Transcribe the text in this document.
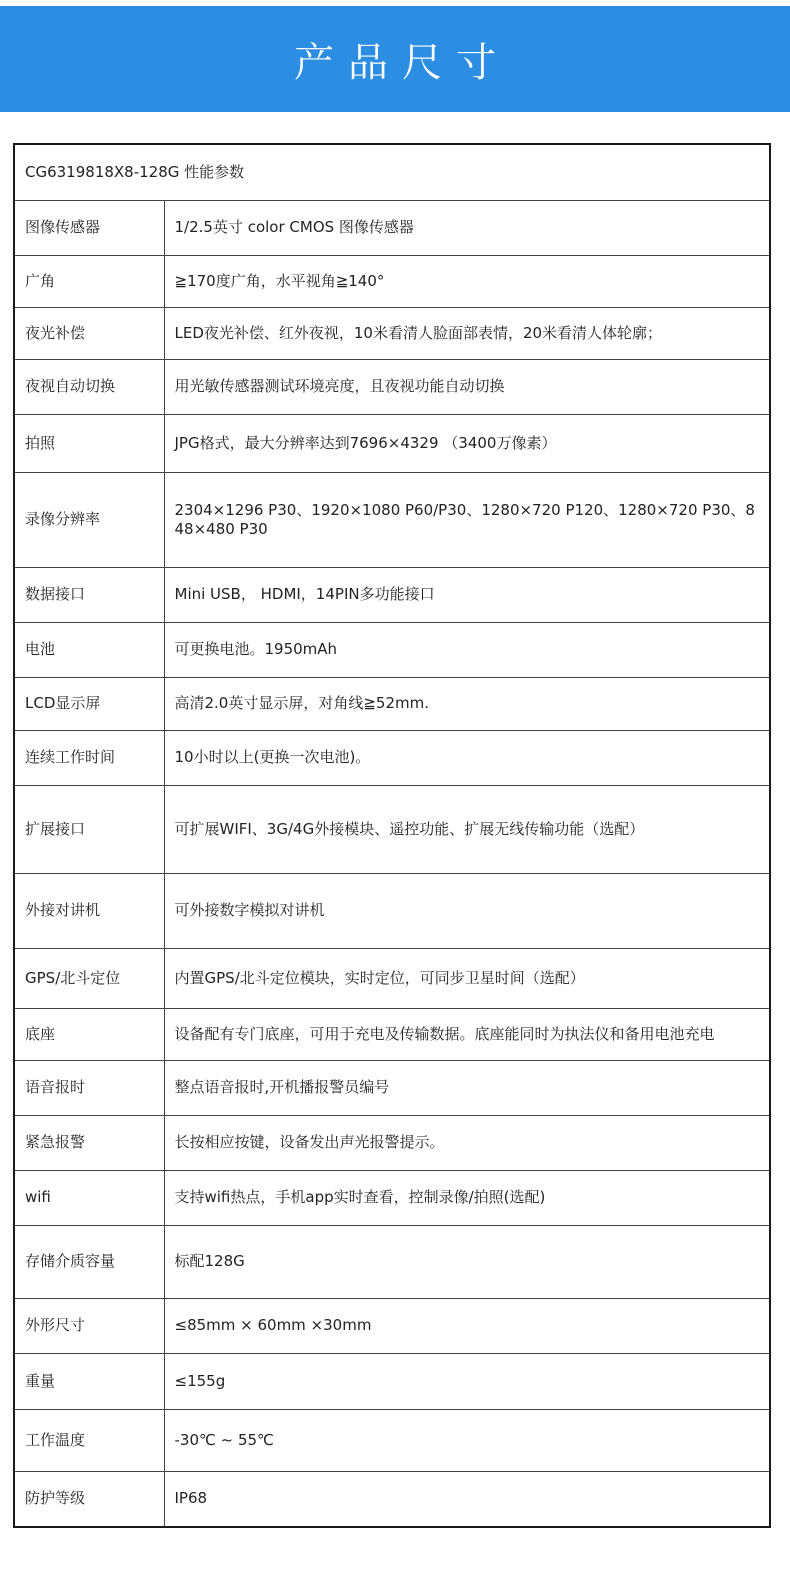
产品尺寸
CG6319818X8-128G 性能参数	
图像传感器	1/2.5英寸 color CMOS 图像传感器
广角	≧170度广角，水平视角≧140°
夜光补偿	LED夜光补偿、红外夜视，10米看清人脸面部表情，20米看清人体轮廓；
夜视自动切换	用光敏传感器测试环境亮度，且夜视功能自动切换
拍照	JPG格式，最大分辨率达到7696×4329 （3400万像素）
录像分辨率	2304×1296 P30、1920×1080 P60/P30、1280×720 P120、1280×720 P30、848×480 P30
数据接口	Mini USB， HDMI，14PIN多功能接口
电池	可更换电池。1950mAh
LCD显示屏	高清2.0英寸显示屏，对角线≧52mm.
连续工作时间	10小时以上(更换一次电池)。
扩展接口	可扩展WIFI、3G/4G外接模块、遥控功能、扩展无线传输功能（选配）
外接对讲机	可外接数字模拟对讲机
GPS/北斗定位	内置GPS/北斗定位模块，实时定位，可同步卫星时间（选配）
底座	设备配有专门底座，可用于充电及传输数据。底座能同时为执法仪和备用电池充电
语音报时	整点语音报时,开机播报警员编号
紧急报警	长按相应按键，设备发出声光报警提示。
wifi	支持wifi热点，手机app实时查看，控制录像/拍照(选配)
存储介质容量	标配128G
外形尺寸	≤85mm × 60mm ×30mm
重量	≤155g
工作温度	-30℃ ~ 55℃
防护等级	IP68
